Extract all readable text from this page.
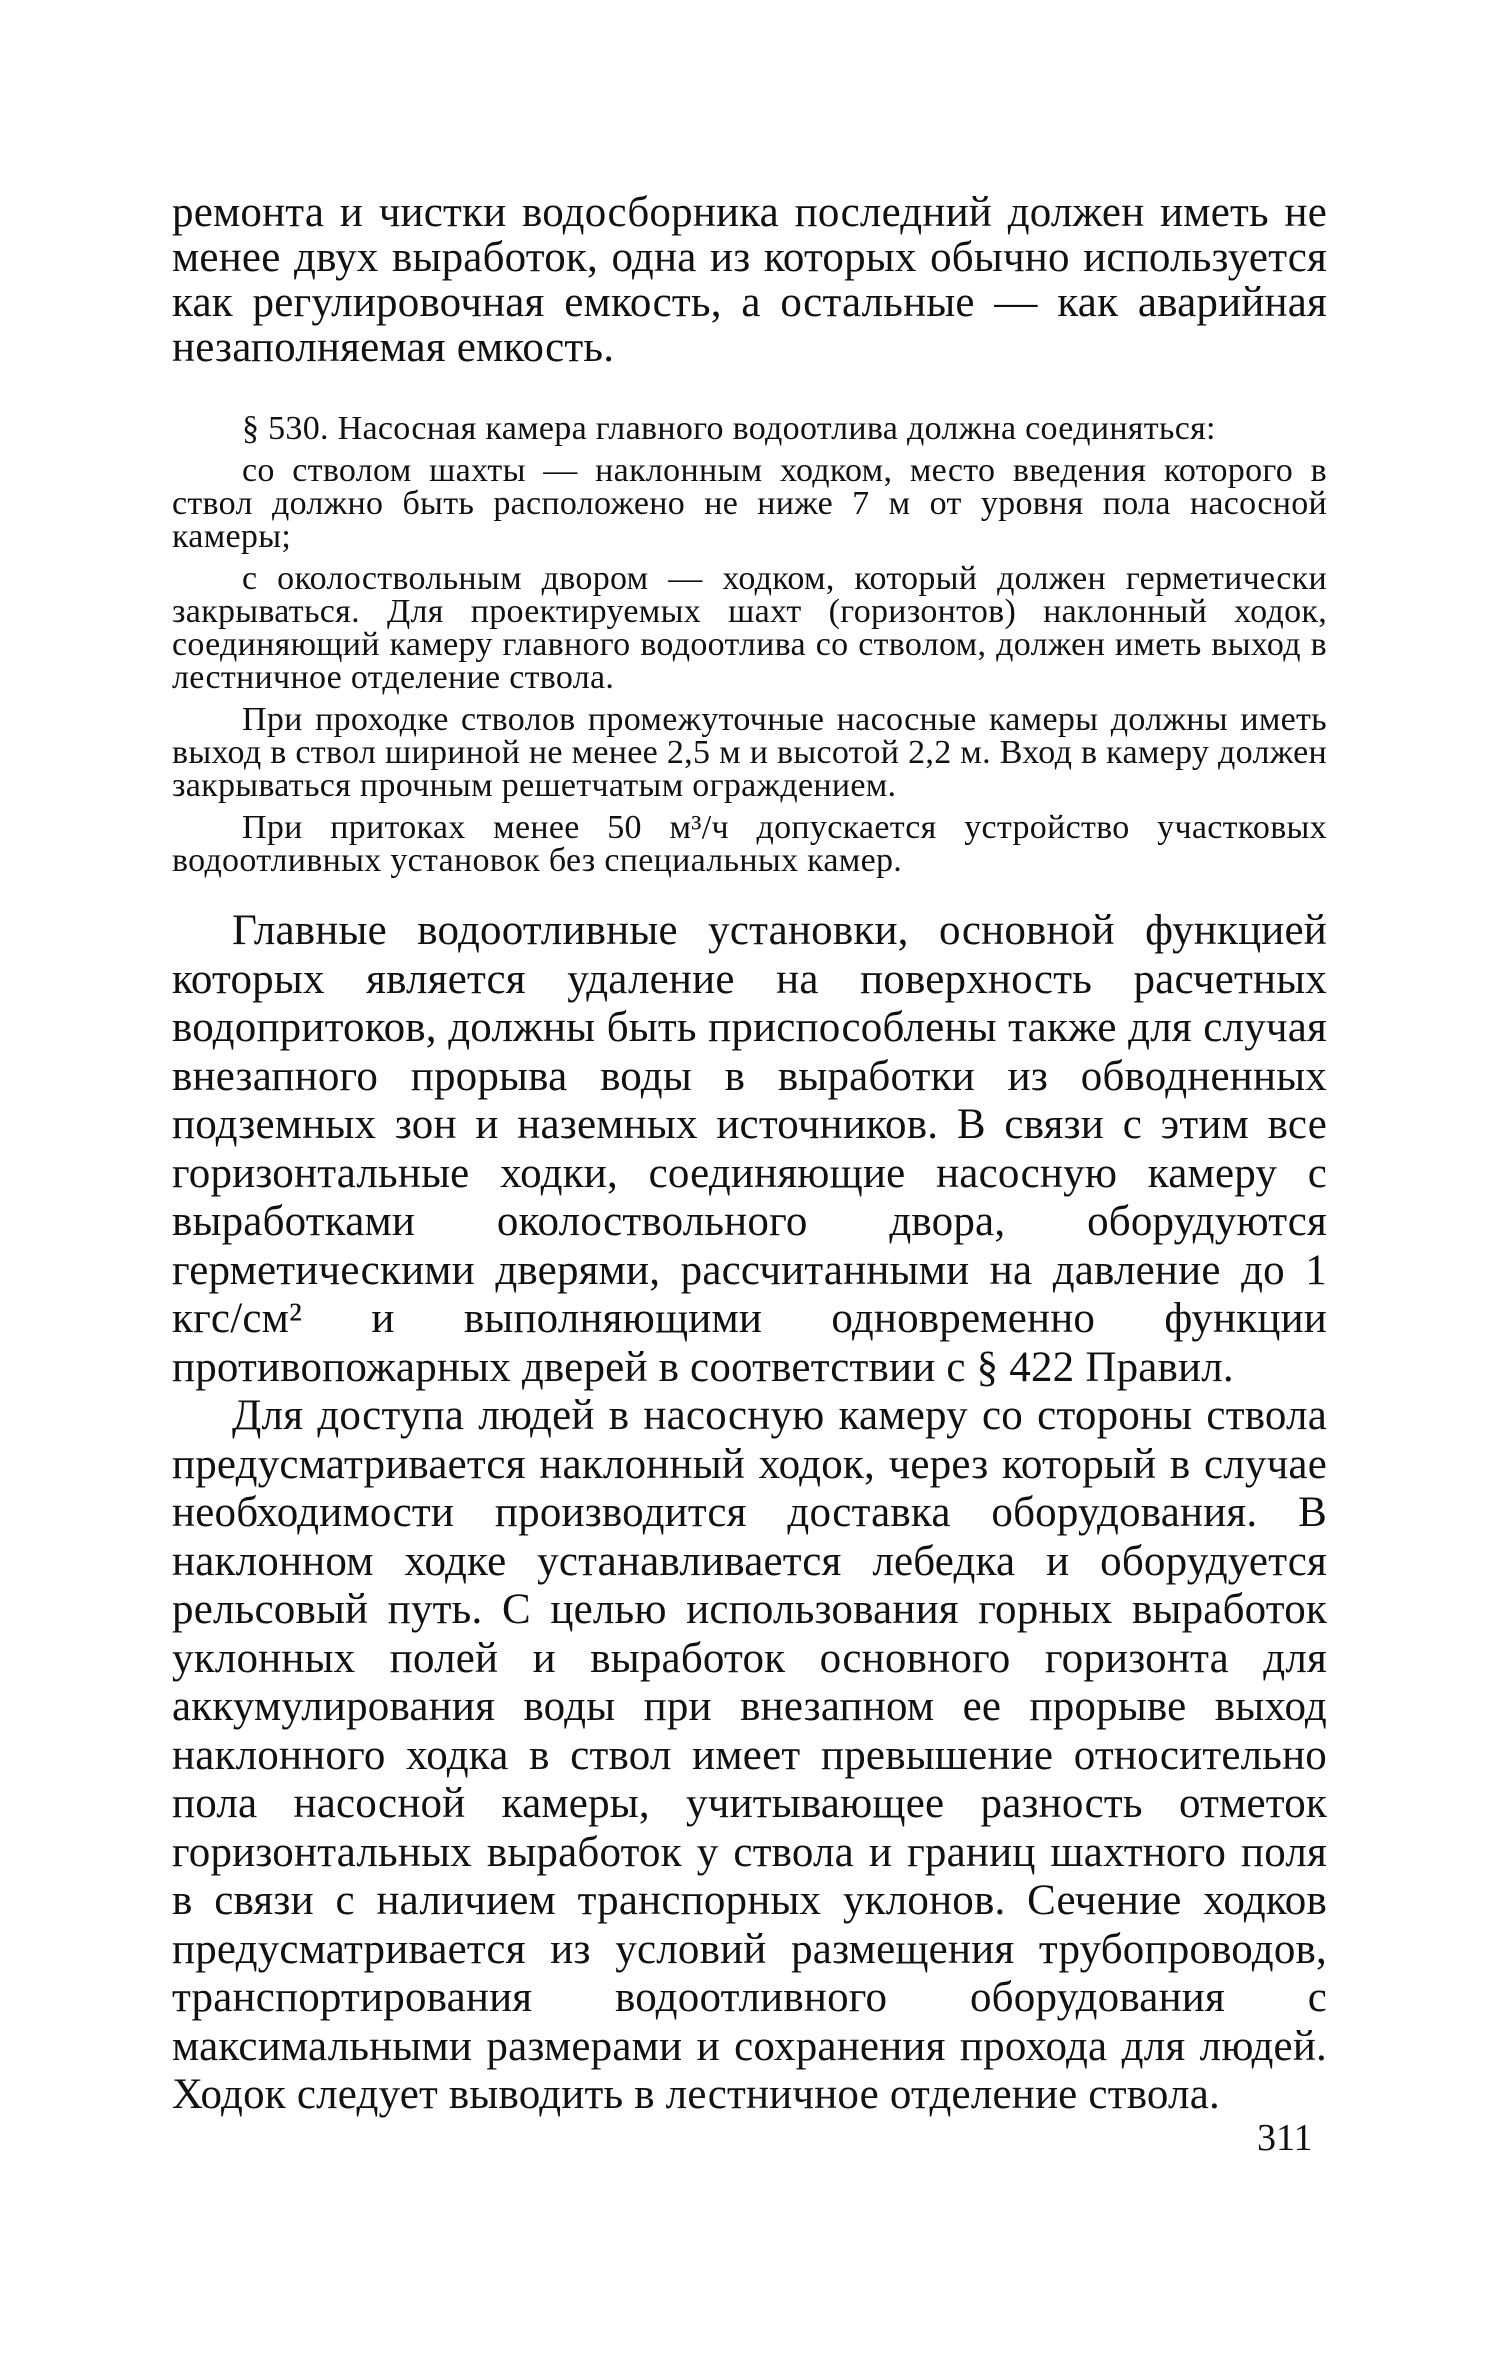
ремонта и чистки водосборника последний должен иметь не менее двух выработок, одна из которых обычно используется как регулировочная емкость, а остальные — как аварийная незаполняемая емкость.

§ 530. Насосная камера главного водоотлива должна соединяться:

со стволом шахты — наклонным ходком, место введения которого в ствол должно быть расположено не ниже 7 м от уровня пола насосной камеры;

с околоствольным двором — ходком, который должен герметически закрываться. Для проектируемых шахт (горизонтов) наклонный ходок, соединяющий камеру главного водоотлива со стволом, должен иметь выход в лестничное отделение ствола.

При проходке стволов промежуточные насосные камеры должны иметь выход в ствол шириной не менее 2,5 м и высотой 2,2 м. Вход в камеру должен закрываться прочным решетчатым ограждением.

При притоках менее 50 м³/ч допускается устройство участковых водоотливных установок без специальных камер.

Главные водоотливные установки, основной функцией которых является удаление на поверхность расчетных водопритоков, должны быть приспособлены также для случая внезапного прорыва воды в выработки из обводненных подземных зон и наземных источников. В связи с этим все горизонтальные ходки, соединяющие насосную камеру с выработками околоствольного двора, оборудуются герметическими дверями, рассчитанными на давление до 1 кгс/см² и выполняющими одновременно функции противопожарных дверей в соответствии с § 422 Правил.

Для доступа людей в насосную камеру со стороны ствола предусматривается наклонный ходок, через который в случае необходимости производится доставка оборудования. В наклонном ходке устанавливается лебедка и оборудуется рельсовый путь. С целью использования горных выработок уклонных полей и выработок основного горизонта для аккумулирования воды при внезапном ее прорыве выход наклонного ходка в ствол имеет превышение относительно пола насосной камеры, учитывающее разность отметок горизонтальных выработок у ствола и границ шахтного поля в связи с наличием транспорных уклонов. Сечение ходков предусматривается из условий размещения трубопроводов, транспортирования водоотливного оборудования с максимальными размерами и сохранения прохода для людей. Ходок следует выводить в лестничное отделение ствола.

311
